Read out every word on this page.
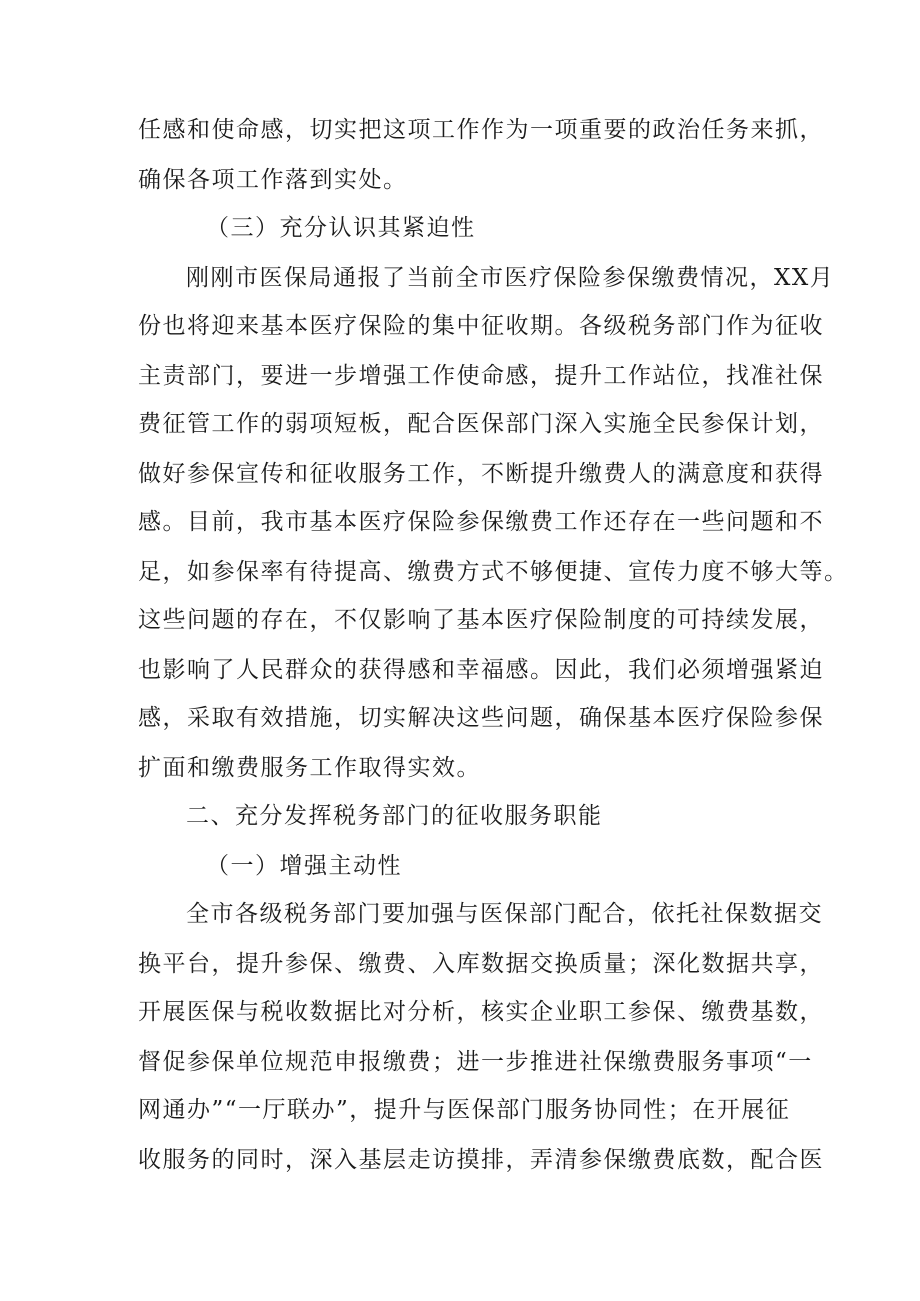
任感和使命感，切实把这项工作作为一项重要的政治任务来抓，
确保各项工作落到实处。
（三）充分认识其紧迫性
刚刚市医保局通报了当前全市医疗保险参保缴费情况，XX月
份也将迎来基本医疗保险的集中征收期。各级税务部门作为征收
主责部门，要进一步增强工作使命感，提升工作站位，找准社保
费征管工作的弱项短板，配合医保部门深入实施全民参保计划，
做好参保宣传和征收服务工作，不断提升缴费人的满意度和获得
感。目前，我市基本医疗保险参保缴费工作还存在一些问题和不
足，如参保率有待提高、缴费方式不够便捷、宣传力度不够大等。
这些问题的存在，不仅影响了基本医疗保险制度的可持续发展，
也影响了人民群众的获得感和幸福感。因此，我们必须增强紧迫
感，采取有效措施，切实解决这些问题，确保基本医疗保险参保
扩面和缴费服务工作取得实效。
二、充分发挥税务部门的征收服务职能
（一）增强主动性
全市各级税务部门要加强与医保部门配合，依托社保数据交
换平台，提升参保、缴费、入库数据交换质量；深化数据共享，
开展医保与税收数据比对分析，核实企业职工参保、缴费基数，
督促参保单位规范申报缴费；进一步推进社保缴费服务事项“一
网通办”“一厅联办”，提升与医保部门服务协同性；在开展征
收服务的同时，深入基层走访摸排，弄清参保缴费底数，配合医
